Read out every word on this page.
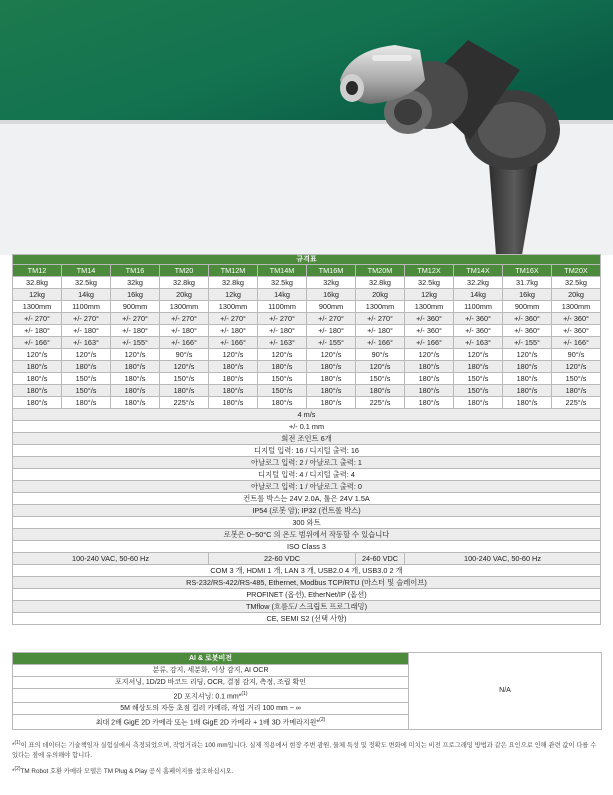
규격표											
TM12	TM14	TM16	TM20	TM12M	TM14M	TM16M	TM20M	TM12X	TM14X	TM16X	TM20X
32.8kg	32.5kg	32kg	32.8kg	32.8kg	32.5kg	32kg	32.8kg	32.5kg	32.2kg	31.7kg	32.5kg
12kg	14kg	16kg	20kg	12kg	14kg	16kg	20kg	12kg	14kg	16kg	20kg
1300mm	1100mm	900mm	1300mm	1300mm	1100mm	900mm	1300mm	1300mm	1100mm	900mm	1300mm
+/- 270°	+/- 270°	+/- 270°	+/- 270°	+/- 270°	+/- 270°	+/- 270°	+/- 270°	+/- 360°	+/- 360°	+/- 360°	+/- 360°
+/- 180°	+/- 180°	+/- 180°	+/- 180°	+/- 180°	+/- 180°	+/- 180°	+/- 180°	+/- 360°	+/- 360°	+/- 360°	+/- 360°
+/- 166°	+/- 163°	+/- 155°	+/- 166°	+/- 166°	+/- 163°	+/- 155°	+/- 166°	+/- 166°	+/- 163°	+/- 155°	+/- 166°
120°/s	120°/s	120°/s	90°/s	120°/s	120°/s	120°/s	90°/s	120°/s	120°/s	120°/s	90°/s
180°/s	180°/s	180°/s	120°/s	180°/s	180°/s	180°/s	120°/s	180°/s	180°/s	180°/s	120°/s
180°/s	150°/s	180°/s	150°/s	180°/s	150°/s	180°/s	150°/s	180°/s	150°/s	180°/s	150°/s
180°/s	150°/s	180°/s	180°/s	180°/s	150°/s	180°/s	180°/s	180°/s	150°/s	180°/s	180°/s
180°/s	180°/s	180°/s	225°/s	180°/s	180°/s	180°/s	225°/s	180°/s	180°/s	180°/s	225°/s
4 m/s											
+/- 0.1 mm											
회전 조인트 6개											
디지털 입력: 16 / 디지털 출력: 16											
아날로그 입력: 2 / 아날로그 출력: 1											
디지털 입력: 4 / 디지털 출력: 4											
아날로그 입력: 1 / 아날로그 출력: 0											
컨트롤 박스는 24V 2.0A, 툴은 24V 1.5A											
IP54 (로봇 암); IP32 (컨트롤 박스)											
300 와트											
로봇은 0~50°C 의 온도 범위에서 작동할 수 있습니다											
ISO Class 3											
100-240 VAC, 50-60 Hz				22-60 VDC			24-60 VDC	100-240 VAC, 50-60 Hz			
COM 3 개, HDMI 1 개, LAN 3 개, USB2.0 4 개, USB3.0 2 개											
RS-232/RS-422/RS-485, Ethernet, Modbus TCP/RTU (마스터 및 슬레이브)											
PROFINET (옵션), EtherNet/IP (옵션)											
TMflow (흐름도/ 스크립트 프로그래밍)											
CE, SEMI S2 (선택 사항)											
AI & 로봇비전	N/A
분류, 감지, 세분화, 이상 감지, AI OCR
포지셔닝, 1D/2D 바코드 리딩, OCR, 결점 감지, 측정, 조립 확인
2D 포지셔닝: 0.1 mm*$^{(1)}$
5M 해상도의 자동 초점 컬러 카메라, 작업 거리 100 mm ~ ∞
최대 2배 GigE 2D 카메라 또는 1배 GigE 2D 카메라 + 1배 3D 카메라지원*$^{(2)}$
*$^{(1)}$이 표의 데이터는 기술책임자 실험실에서 측정되었으며, 작업거리는 100 mm입니다. 실제 적용에서 현장 주변 광원, 물체 특성 및 정확도 변화에 미치는 비전 프로그래밍 방법과 같은 요인으로 인해 관련 값이 다를 수 있다는 점에 유의해야 합니다.
*$^{(2)}$TM Robot 호환 카메라 모델은 TM Plug & Play 공식 홈페이지를 참조하십시오.
